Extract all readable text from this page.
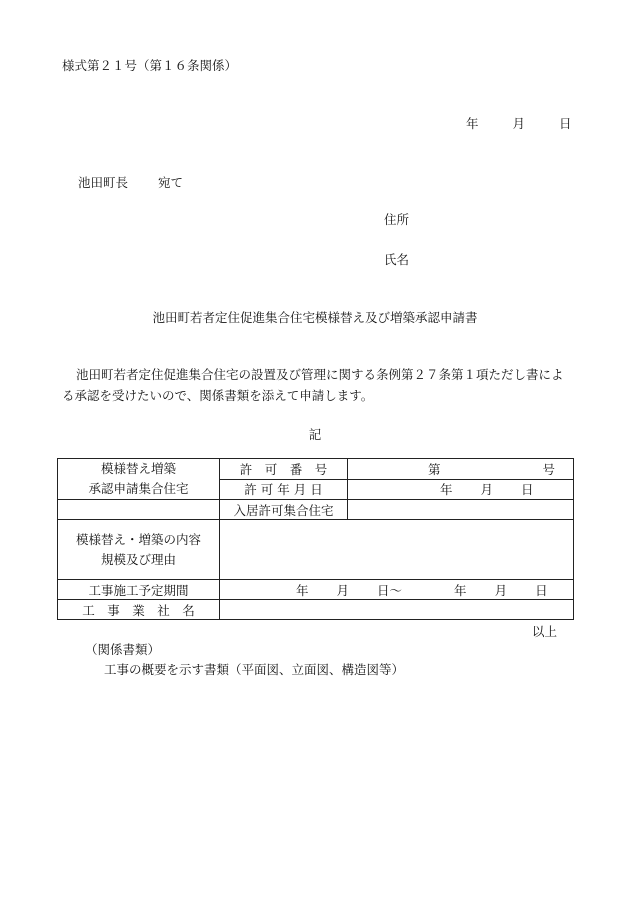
様式第２１号（第１６条関係）
年	月	日
池田町長 宛て
住所
氏名
池田町若者定住促進集合住宅模様替え及び増築承認申請書
池田町若者定住促進集合住宅の設置及び管理に関する条例第２７条第１項ただし書による承認を受けたいので、関係書類を添えて申請します。
記
模様替え増築
承認申請集合住宅	許　可　番　号	第 号
	許 可 年 月 日	年 月 日
	入居許可集合住宅	

模様替え・増築の内容
規模及び理由		

工事施工予定期間	年 月 日～ 年 月 日	
工　事　業　社　名		
以上
（関係書類）
工事の概要を示す書類（平面図、立面図、構造図等）
